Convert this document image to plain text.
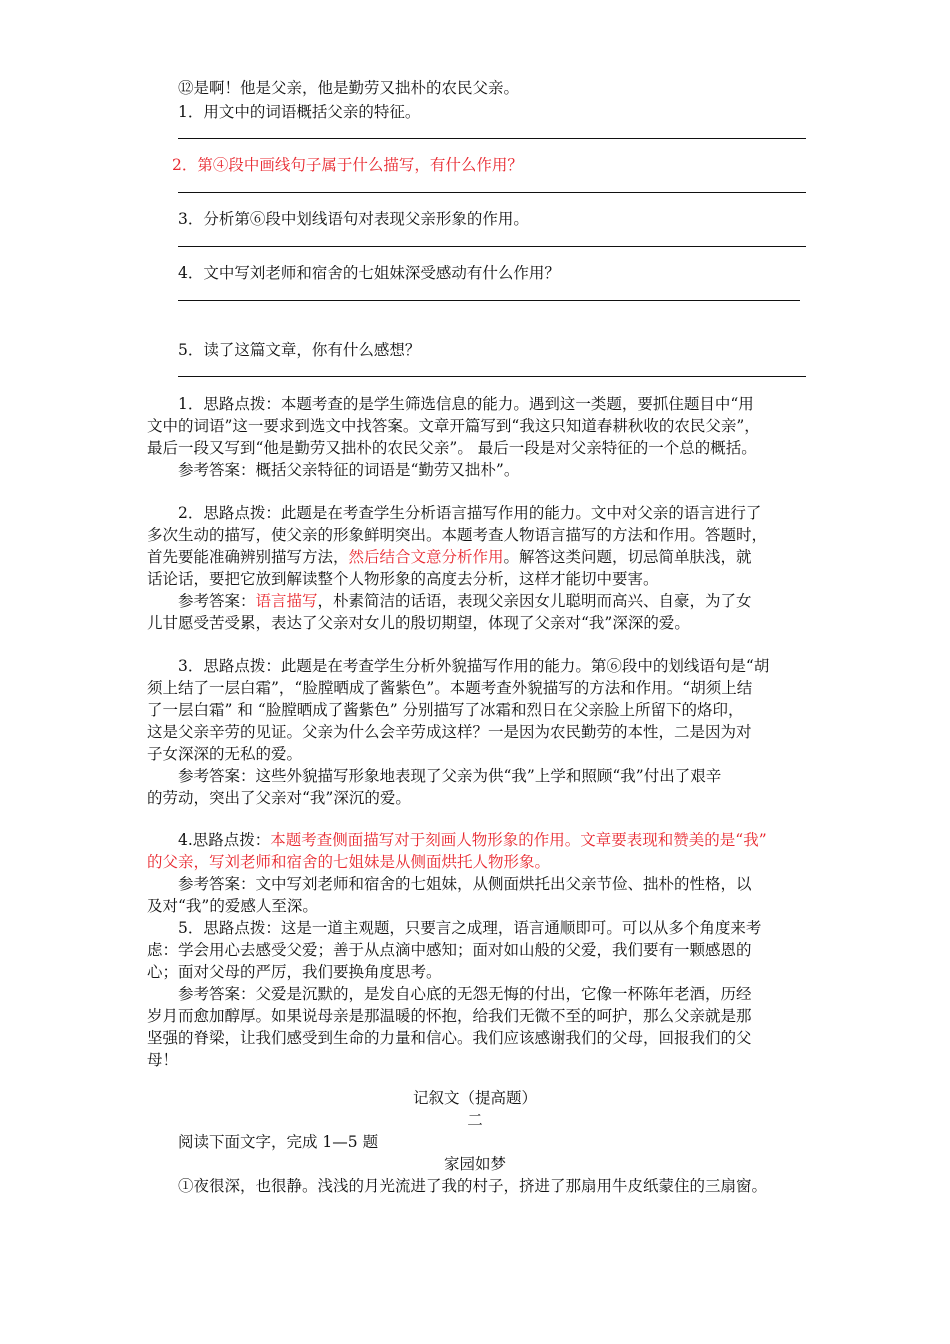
⑫是啊！他是父亲，他是勤劳又拙朴的农民父亲。
1．用文中的词语概括父亲的特征。
2．第④段中画线句子属于什么描写，有什么作用？
3．分析第⑥段中划线语句对表现父亲形象的作用。
4．文中写刘老师和宿舍的七姐妹深受感动有什么作用？
5．读了这篇文章，你有什么感想？
1．思路点拨：本题考查的是学生筛选信息的能力。遇到这一类题，要抓住题目中“用
文中的词语”这一要求到选文中找答案。文章开篇写到“我这只知道春耕秋收的农民父亲”，
最后一段又写到“他是勤劳又拙朴的农民父亲”。 最后一段是对父亲特征的一个总的概括。
参考答案：概括父亲特征的词语是“勤劳又拙朴”。
2．思路点拨：此题是在考查学生分析语言描写作用的能力。文中对父亲的语言进行了
多次生动的描写，使父亲的形象鲜明突出。本题考查人物语言描写的方法和作用。答题时，
首先要能准确辨别描写方法，然后结合文意分析作用。解答这类问题，切忌简单肤浅，就
话论话，要把它放到解读整个人物形象的高度去分析，这样才能切中要害。
参考答案：语言描写，朴素简洁的话语，表现父亲因女儿聪明而高兴、自豪，为了女
儿甘愿受苦受累，表达了父亲对女儿的殷切期望，体现了父亲对“我”深深的爱。
3．思路点拨：此题是在考查学生分析外貌描写作用的能力。第⑥段中的划线语句是“胡
须上结了一层白霜”，“脸膛晒成了酱紫色”。本题考查外貌描写的方法和作用。“胡须上结
了一层白霜” 和 “脸膛晒成了酱紫色” 分别描写了冰霜和烈日在父亲脸上所留下的烙印，
这是父亲辛劳的见证。父亲为什么会辛劳成这样？一是因为农民勤劳的本性，二是因为对
子女深深的无私的爱。
参考答案：这些外貌描写形象地表现了父亲为供“我”上学和照顾“我”付出了艰辛
的劳动，突出了父亲对“我”深沉的爱。
4.思路点拨：本题考查侧面描写对于刻画人物形象的作用。文章要表现和赞美的是“我”
的父亲，写刘老师和宿舍的七姐妹是从侧面烘托人物形象。
参考答案：文中写刘老师和宿舍的七姐妹，从侧面烘托出父亲节俭、拙朴的性格，以
及对“我”的爱感人至深。
5．思路点拨：这是一道主观题，只要言之成理，语言通顺即可。可以从多个角度来考
虑：学会用心去感受父爱；善于从点滴中感知；面对如山般的父爱，我们要有一颗感恩的
心；面对父母的严厉，我们要换角度思考。
参考答案：父爱是沉默的，是发自心底的无怨无悔的付出，它像一杯陈年老酒，历经
岁月而愈加醇厚。如果说母亲是那温暖的怀抱，给我们无微不至的呵护，那么父亲就是那
坚强的脊梁，让我们感受到生命的力量和信心。我们应该感谢我们的父母，回报我们的父
母！
记叙文（提高题）
二
阅读下面文字，完成 1—5 题
家园如梦
①夜很深，也很静。浅浅的月光流进了我的村子，挤进了那扇用牛皮纸蒙住的三扇窗。
